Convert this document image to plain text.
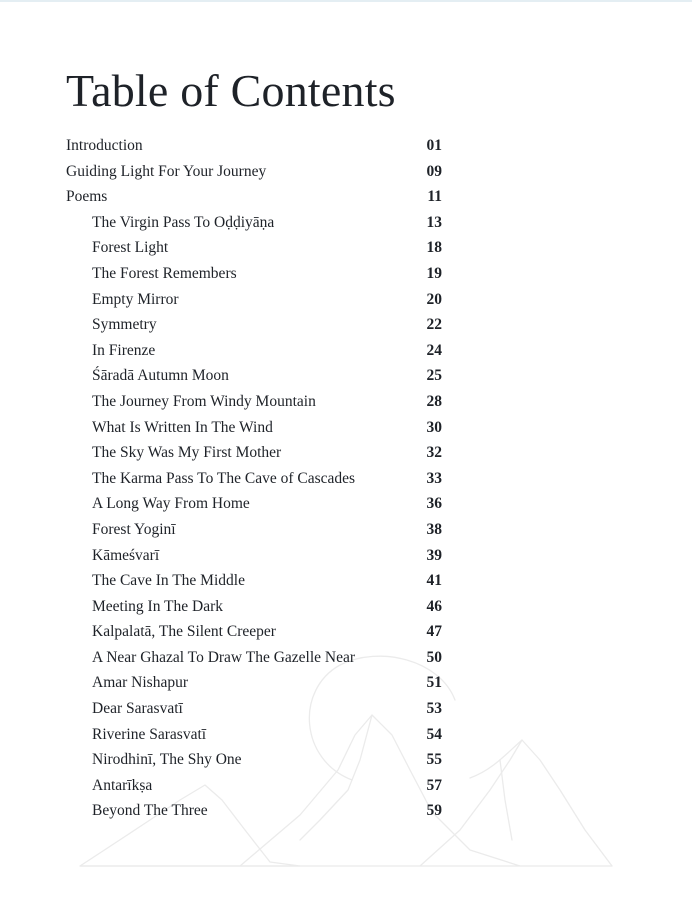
Table of Contents
Introduction	01
Guiding Light For Your Journey	09
Poems	11
The Virgin Pass To Oḍḍiyāṇa	13
Forest Light	18
The Forest Remembers	19
Empty Mirror	20
Symmetry	22
In Firenze	24
Śāradā Autumn Moon	25
The Journey From Windy Mountain	28
What Is Written In The Wind	30
The Sky Was My First Mother	32
The Karma Pass To The Cave of Cascades	33
A Long Way From Home	36
Forest Yoginī	38
Kāmeśvarī	39
The Cave In The Middle	41
Meeting In The Dark	46
Kalpalatā, The Silent Creeper	47
A Near Ghazal To Draw The Gazelle Near	50
Amar Nishapur	51
Dear Sarasvatī	53
Riverine Sarasvatī	54
Nirodhinī, The Shy One	55
Antarīkṣa	57
Beyond The Three	59
